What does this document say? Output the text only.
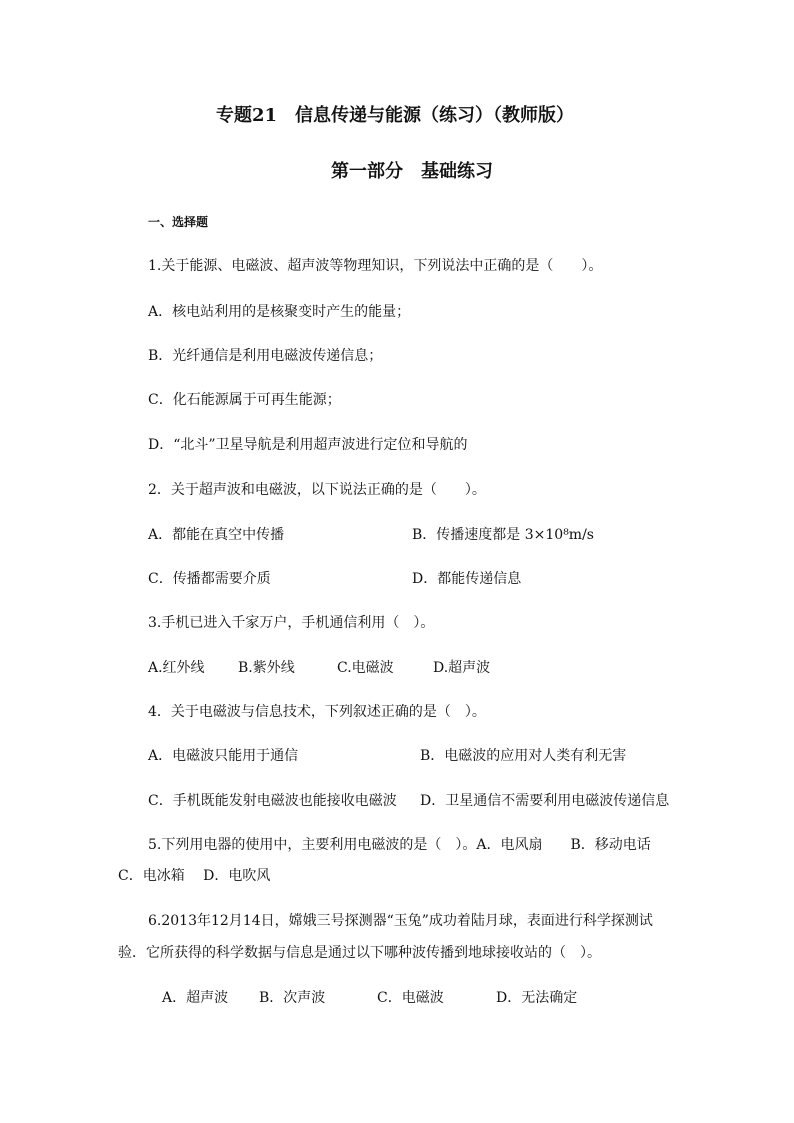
专题21　信息传递与能源（练习）（教师版）
第一部分　基础练习
一、选择题
1.关于能源、电磁波、超声波等物理知识，下列说法中正确的是（　　）。
A．核电站利用的是核聚变时产生的能量；
B．光纤通信是利用电磁波传递信息；
C．化石能源属于可再生能源；
D．“北斗”卫星导航是利用超声波进行定位和导航的
2．关于超声波和电磁波，以下说法正确的是（　　）。
A．都能在真空中传播	B．传播速度都是 3×10⁸m/s
C．传播都需要介质	D．都能传递信息
3.手机已进入千家万户，手机通信利用（　）。
A.红外线 B.紫外线	C.电磁波	D.超声波
4．关于电磁波与信息技术，下列叙述正确的是（　）。
A．电磁波只能用于通信	B．电磁波的应用对人类有利无害
C．手机既能发射电磁波也能接收电磁波 D．卫星通信不需要利用电磁波传递信息
5.下列用电器的使用中，主要利用电磁波的是（　）。A．电风扇　　B．移动电话
C．电冰箱　 D．电吹风
6.2013年12月14日，嫦娥三号探测器“玉兔”成功着陆月球，表面进行科学探测试
验．它所获得的科学数据与信息是通过以下哪种波传播到地球接收站的（　）。
A．超声波 B．次声波	C．电磁波	D．无法确定
